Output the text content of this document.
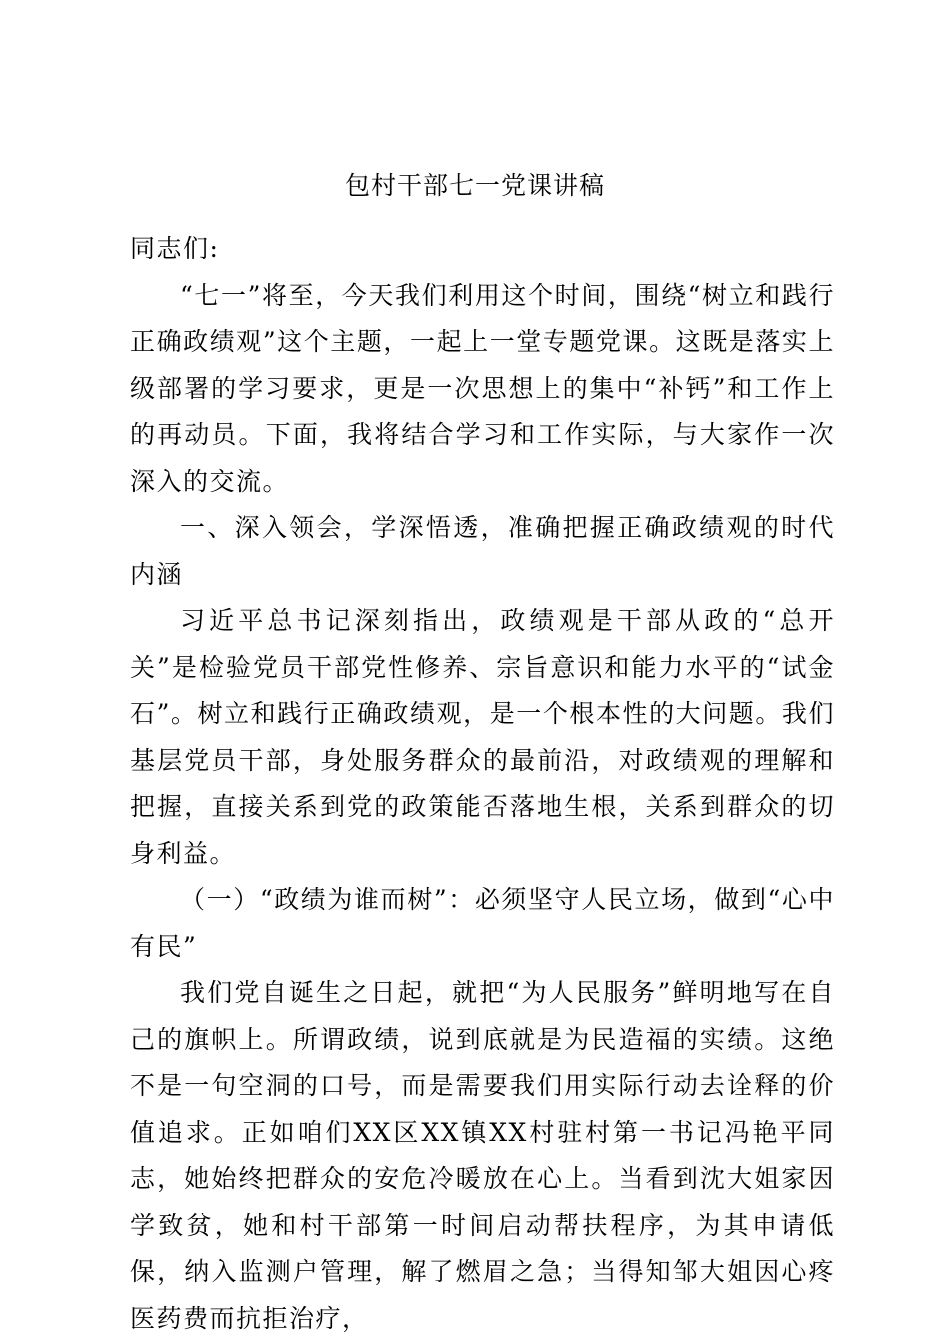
包村干部七一党课讲稿

同志们:

“七一”将至，今天我们利用这个时间，围绕“树立和践行正确政绩观”这个主题，一起上一堂专题党课。这既是落实上级部署的学习要求，更是一次思想上的集中“补钙”和工作上的再动员。下面，我将结合学习和工作实际，与大家作一次深入的交流。

一、深入领会，学深悟透，准确把握正确政绩观的时代内涵

习近平总书记深刻指出，政绩观是干部从政的“总开关”是检验党员干部党性修养、宗旨意识和能力水平的“试金石”。树立和践行正确政绩观，是一个根本性的大问题。我们基层党员干部，身处服务群众的最前沿，对政绩观的理解和把握，直接关系到党的政策能否落地生根，关系到群众的切身利益。

（一）“政绩为谁而树”：必须坚守人民立场，做到“心中有民”

我们党自诞生之日起，就把“为人民服务”鲜明地写在自己的旗帜上。所谓政绩，说到底就是为民造福的实绩。这绝不是一句空洞的口号，而是需要我们用实际行动去诠释的价值追求。正如咱们XX区XX镇XX村驻村第一书记冯艳平同志，她始终把群众的安危冷暖放在心上。当看到沈大姐家因学致贫，她和村干部第一时间启动帮扶程序，为其申请低保，纳入监测户管理，解了燃眉之急；当得知邹大姐因心疼医药费而抗拒治疗，
